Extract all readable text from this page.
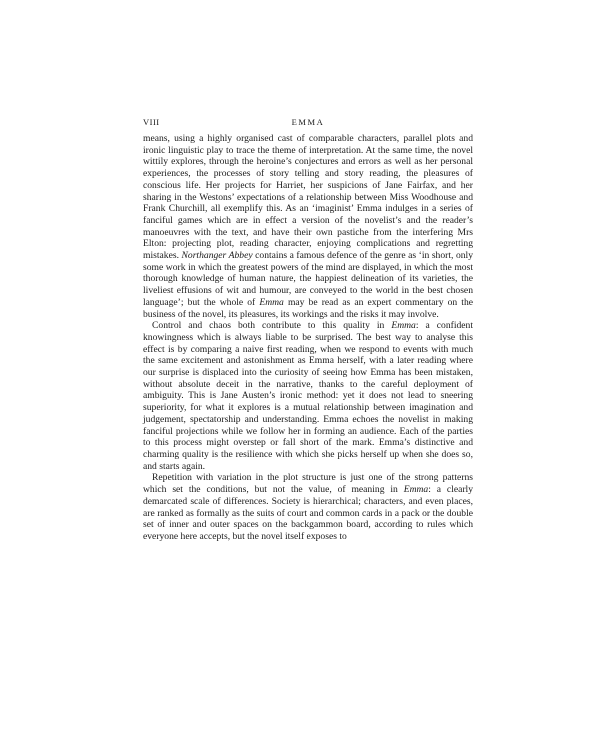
VIII	EMMA

means, using a highly organised cast of comparable characters, parallel plots and ironic linguistic play to trace the theme of interpretation. At the same time, the novel wittily explores, through the heroine’s conjectures and errors as well as her personal experiences, the processes of story telling and story reading, the pleasures of conscious life. Her projects for Harriet, her suspicions of Jane Fairfax, and her sharing in the Westons’ expectations of a relationship between Miss Woodhouse and Frank Churchill, all exemplify this. As an ‘imaginist’ Emma indulges in a series of fanciful games which are in effect a version of the novelist’s and the reader’s manoeuvres with the text, and have their own pastiche from the interfering Mrs Elton: projecting plot, reading character, enjoying complications and regretting mistakes. Northanger Abbey contains a famous defence of the genre as ‘in short, only some work in which the greatest powers of the mind are displayed, in which the most thorough knowledge of human nature, the happiest delineation of its varieties, the liveliest effusions of wit and humour, are conveyed to the world in the best chosen language’; but the whole of Emma may be read as an expert commentary on the business of the novel, its pleasures, its workings and the risks it may involve.

Control and chaos both contribute to this quality in Emma: a confident knowingness which is always liable to be surprised. The best way to analyse this effect is by comparing a naive first reading, when we respond to events with much the same excitement and astonishment as Emma herself, with a later reading where our surprise is displaced into the curiosity of seeing how Emma has been mistaken, without absolute deceit in the narrative, thanks to the careful deployment of ambiguity. This is Jane Austen’s ironic method: yet it does not lead to sneering superiority, for what it explores is a mutual relationship between imagination and judgement, spectatorship and understanding. Emma echoes the novelist in making fanciful projections while we follow her in forming an audience. Each of the parties to this process might overstep or fall short of the mark. Emma’s distinctive and charming quality is the resilience with which she picks herself up when she does so, and starts again.

Repetition with variation in the plot structure is just one of the strong patterns which set the conditions, but not the value, of meaning in Emma: a clearly demarcated scale of differences. Society is hierarchical; characters, and even places, are ranked as formally as the suits of court and common cards in a pack or the double set of inner and outer spaces on the backgammon board, according to rules which everyone here accepts, but the novel itself exposes to
